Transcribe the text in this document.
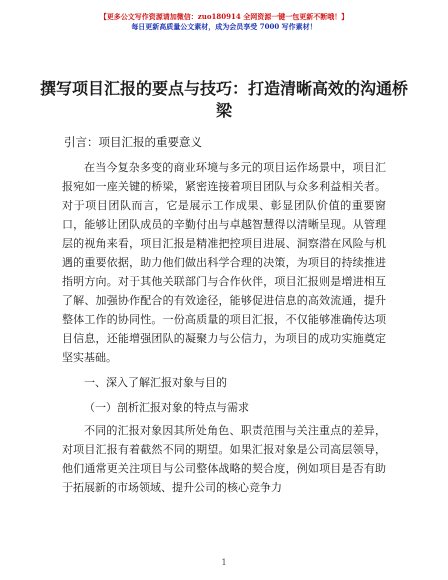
【更多公文写作资源请加微信：zuo180914 全网资源一键一包更新不断哦！】
每日更新高质量公文素材，成为会员享受 7000 写作素材！
撰写项目汇报的要点与技巧：打造清晰高效的沟通桥梁
引言：项目汇报的重要意义

在当今复杂多变的商业环境与多元的项目运作场景中，项目汇报宛如一座关键的桥梁，紧密连接着项目团队与众多利益相关者。对于项目团队而言，它是展示工作成果、彰显团队价值的重要窗口，能够让团队成员的辛勤付出与卓越智慧得以清晰呈现。从管理层的视角来看，项目汇报是精准把控项目进展、洞察潜在风险与机遇的重要依据，助力他们做出科学合理的决策，为项目的持续推进指明方向。对于其他关联部门与合作伙伴，项目汇报则是增进相互了解、加强协作配合的有效途径，能够促进信息的高效流通，提升整体工作的协同性。一份高质量的项目汇报，不仅能够准确传达项目信息，还能增强团队的凝聚力与公信力，为项目的成功实施奠定坚实基础。

一、深入了解汇报对象与目的

（一）剖析汇报对象的特点与需求

不同的汇报对象因其所处角色、职责范围与关注重点的差异，对项目汇报有着截然不同的期望。如果汇报对象是公司高层领导，他们通常更关注项目与公司整体战略的契合度，例如项目是否有助于拓展新的市场领域、提升公司的核心竞争力

1
